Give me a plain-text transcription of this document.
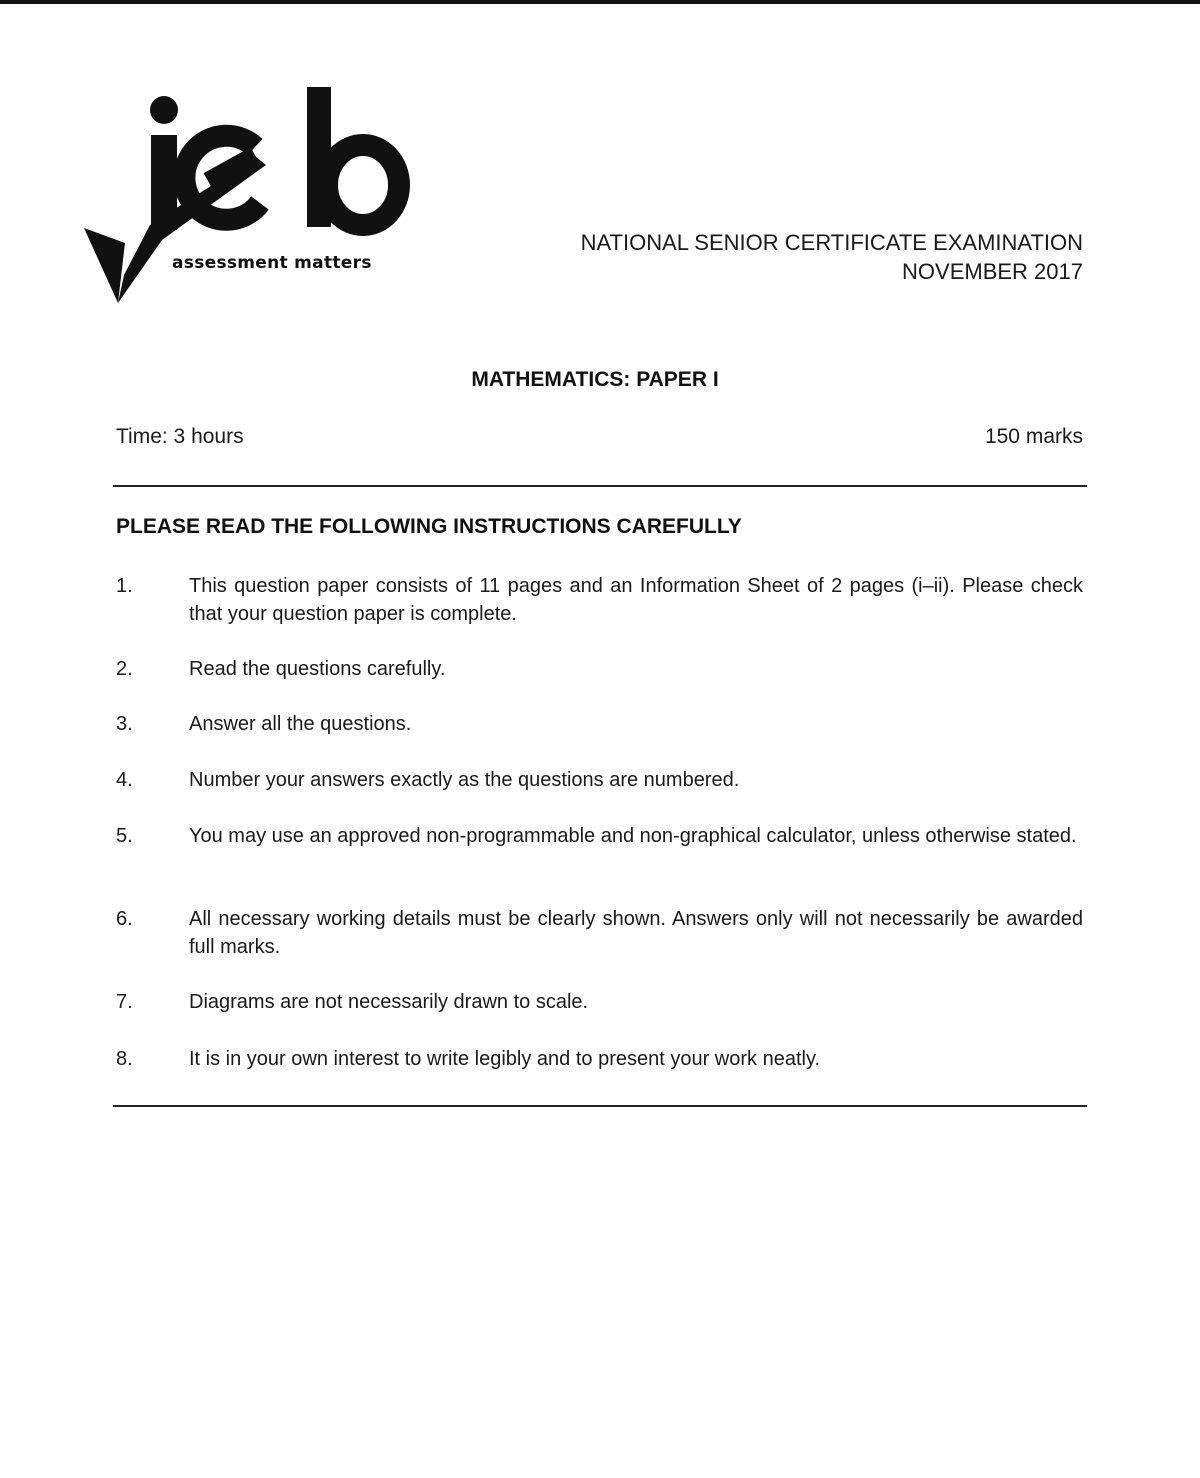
assessment matters
NATIONAL SENIOR CERTIFICATE EXAMINATION
NOVEMBER 2017
MATHEMATICS: PAPER I
Time: 3 hours	150 marks
PLEASE READ THE FOLLOWING INSTRUCTIONS CAREFULLY
1.	This question paper consists of 11 pages and an Information Sheet of 2 pages (i–ii). Please check that your question paper is complete.
2.	Read the questions carefully.
3.	Answer all the questions.
4.	Number your answers exactly as the questions are numbered.
5.	You may use an approved non-programmable and non-graphical calculator, unless otherwise stated.
6.	All necessary working details must be clearly shown. Answers only will not necessarily be awarded full marks.
7.	Diagrams are not necessarily drawn to scale.
8.	It is in your own interest to write legibly and to present your work neatly.
